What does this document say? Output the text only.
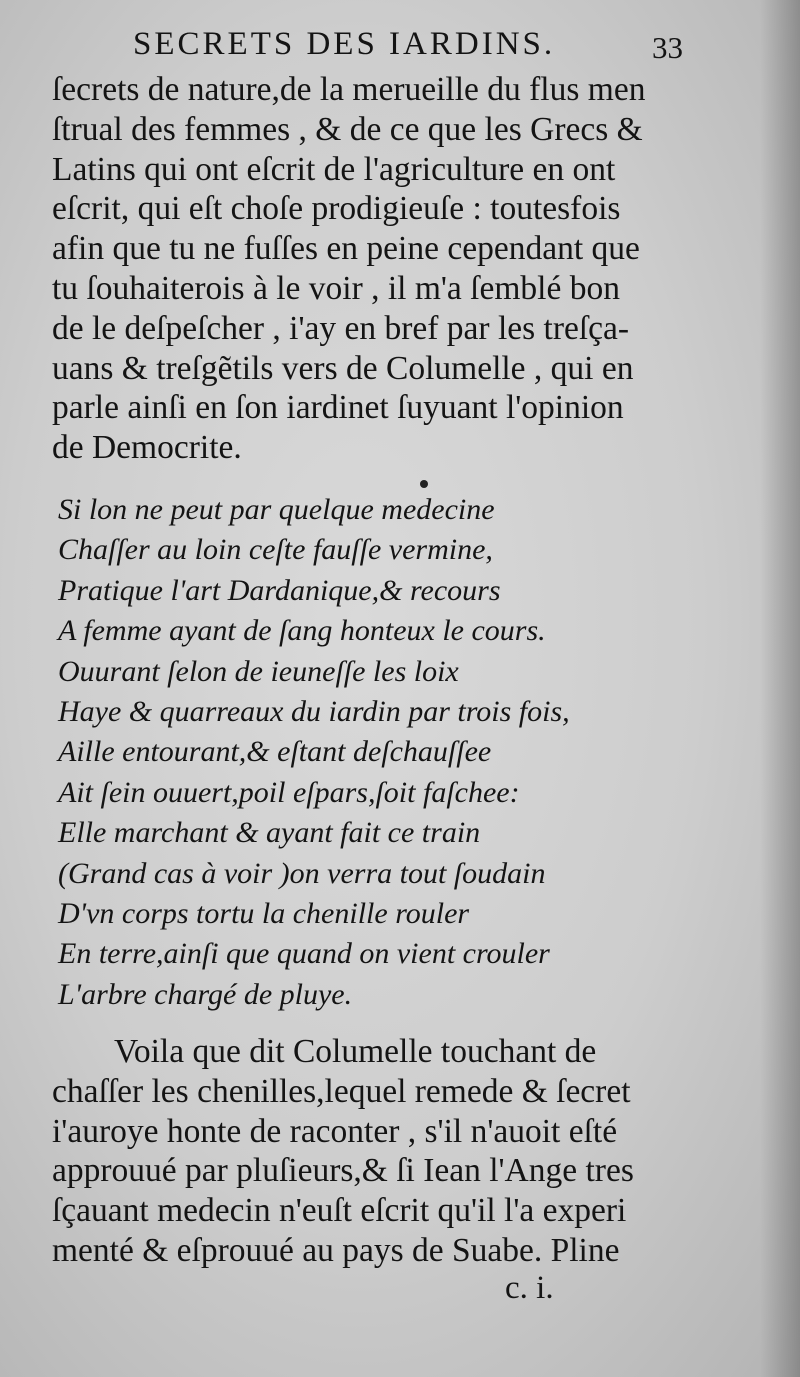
SECRETS DES IARDINS.	33
ſecrets de nature,de la merueille du flus men
ſtrual des femmes , & de ce que les Grecs &
Latins qui ont eſcrit de l'agriculture en ont
eſcrit, qui eſt choſe prodigieuſe : toutesfois
afin que tu ne fuſſes en peine cependant que
tu ſouhaiterois à le voir , il m'a ſemblé bon
de le deſpeſcher , i'ay en bref par les treſça-
uans & treſgẽtils vers de Columelle , qui en
parle ainſi en ſon iardinet ſuyuant l'opinion
de Democrite.
Si lon ne peut par quelque medecine
Chaſſer au loin ceſte fauſſe vermine,
Pratique l'art Dardanique,& recours
A femme ayant de ſang honteux le cours.
Ouurant ſelon de ieuneſſe les loix
Haye & quarreaux du iardin par trois fois,
Aille entourant,& eſtant deſchauſſee
Ait ſein ouuert,poil eſpars,ſoit faſchee:
Elle marchant & ayant fait ce train
(Grand cas à voir )on verra tout ſoudain
D'vn corps tortu la chenille rouler
En terre,ainſi que quand on vient crouler
L'arbre chargé de pluye.
Voila que dit Columelle touchant de
chaſſer les chenilles,lequel remede & ſecret
i'auroye honte de raconter , s'il n'auoit eſté
approuué par pluſieurs,& ſi Iean l'Ange tres
ſçauant medecin n'euſt eſcrit qu'il l'a experi
menté & eſprouué au pays de Suabe. Pline
c. i.
